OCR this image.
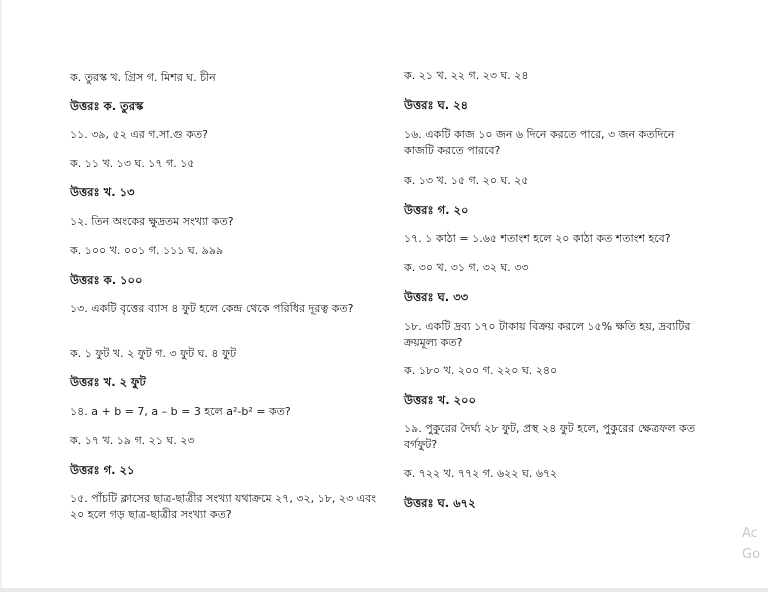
ক. তুরস্ক খ. গ্রিস গ. মিশর ঘ. চীন
উত্তরঃ ক. তুরস্ক
১১. ৩৯, ৫২ এর গ.সা.গু কত?
ক. ১১ খ. ১৩ ঘ. ১৭ গ. ১৫
উত্তরঃ খ. ১৩
১২. তিন অংকের ক্ষুদ্রতম সংখ্যা কত?
ক. ১০০ খ. ০০১ গ. ১১১ ঘ. ৯৯৯
উত্তরঃ ক. ১০০
১৩. একটি বৃত্তের ব্যাস ৪ ফুট হলে কেন্দ্র থেকে পরিধির দূরত্ব কত?
ক. ১ ফুট খ. ২ ফুট গ. ৩ ফুট ঘ. ৪ ফুট
উত্তরঃ খ. ২ ফুট
১৪. a + b = 7, a – b = 3 হলে a²-b² = কত?
ক. ১৭ খ. ১৯ গ. ২১ ঘ. ২৩
উত্তরঃ গ. ২১
১৫. পাঁচটি ক্লাসের ছাত্র-ছাত্রীর সংখ্যা যথাক্রমে ২৭, ৩২, ১৮, ২৩ এবং ২০ হলে গড় ছাত্র-ছাত্রীর সংখ্যা কত?
ক. ২১ খ. ২২ গ. ২৩ ঘ. ২৪
উত্তরঃ ঘ. ২৪
১৬. একটি কাজ ১০ জন ৬ দিনে করতে পারে, ৩ জন কতদিনে কাজটি করতে পারবে?
ক. ১৩ খ. ১৫ গ. ২০ ঘ. ২৫
উত্তরঃ গ. ২০
১৭. ১ কাঠা = ১.৬৫ শতাংশ হলে ২০ কাঠা কত শতাংশ হবে?
ক. ৩০ খ. ৩১ গ. ৩২ ঘ. ৩৩
উত্তরঃ ঘ. ৩৩
১৮. একটি দ্রব্য ১৭০ টাকায় বিক্রয় করলে ১৫% ক্ষতি হয়, দ্রব্যটির ক্রয়মূল্য কত?
ক. ১৮০ খ. ২০০ গ. ২২০ ঘ. ২৪০
উত্তরঃ খ. ২০০
১৯. পুকুরের দৈর্ঘ্য ২৮ ফুট, প্রস্থ ২৪ ফুট হলে, পুকুরের ক্ষেত্রফল কত বর্গফুট?
ক. ৭২২ খ. ৭৭২ গ. ৬২২ ঘ. ৬৭২
উত্তরঃ ঘ. ৬৭২
Ac
Go
